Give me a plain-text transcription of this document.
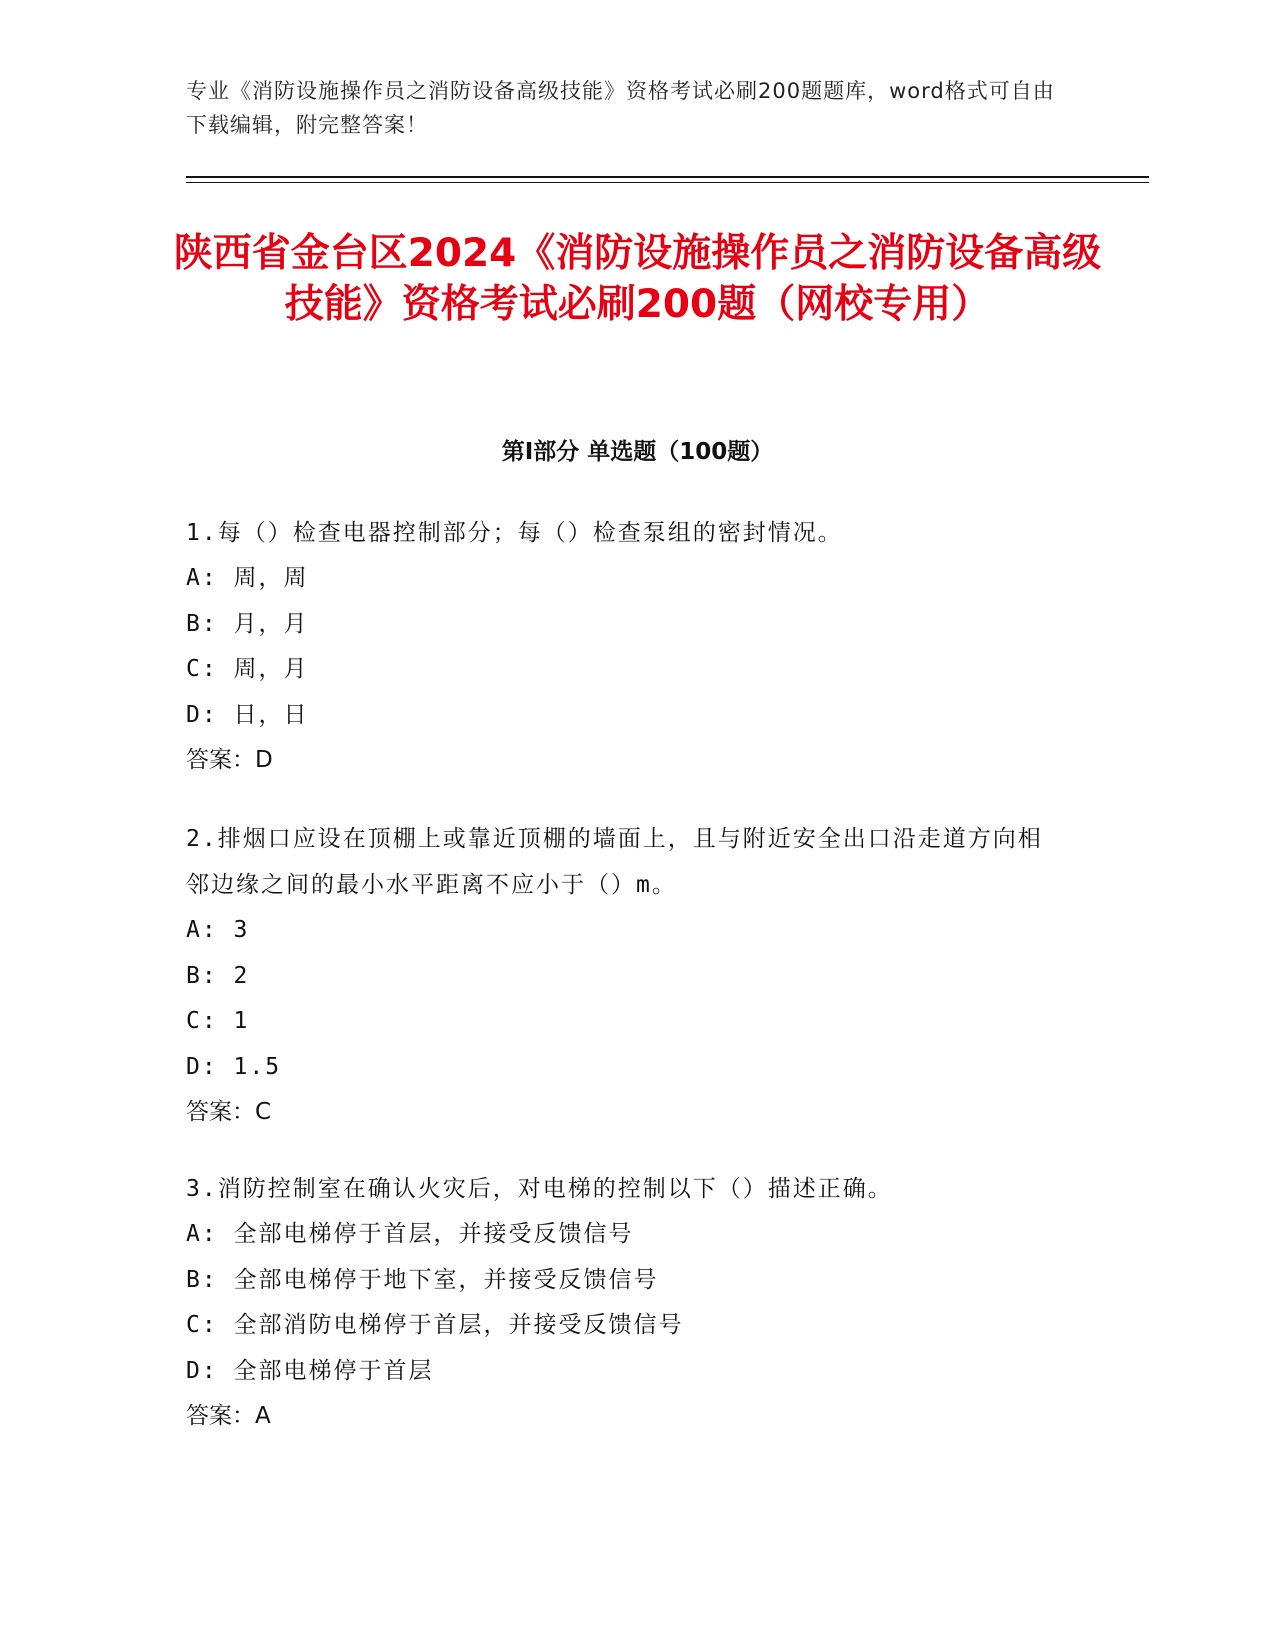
专业《消防设施操作员之消防设备高级技能》资格考试必刷200题题库，word格式可自由下载编辑，附完整答案！
陕西省金台区2024《消防设施操作员之消防设备高级技能》资格考试必刷200题（网校专用）
第I部分 单选题（100题）
1.每（）检查电器控制部分；每（）检查泵组的密封情况。
A: 周，周
B: 月，月
C: 周，月
D: 日，日
答案：D
2.排烟口应设在顶棚上或靠近顶棚的墙面上，且与附近安全出口沿走道方向相邻边缘之间的最小水平距离不应小于（）m。
A: 3
B: 2
C: 1
D: 1.5
答案：C
3.消防控制室在确认火灾后，对电梯的控制以下（）描述正确。
A: 全部电梯停于首层，并接受反馈信号
B: 全部电梯停于地下室，并接受反馈信号
C: 全部消防电梯停于首层，并接受反馈信号
D: 全部电梯停于首层
答案：A
